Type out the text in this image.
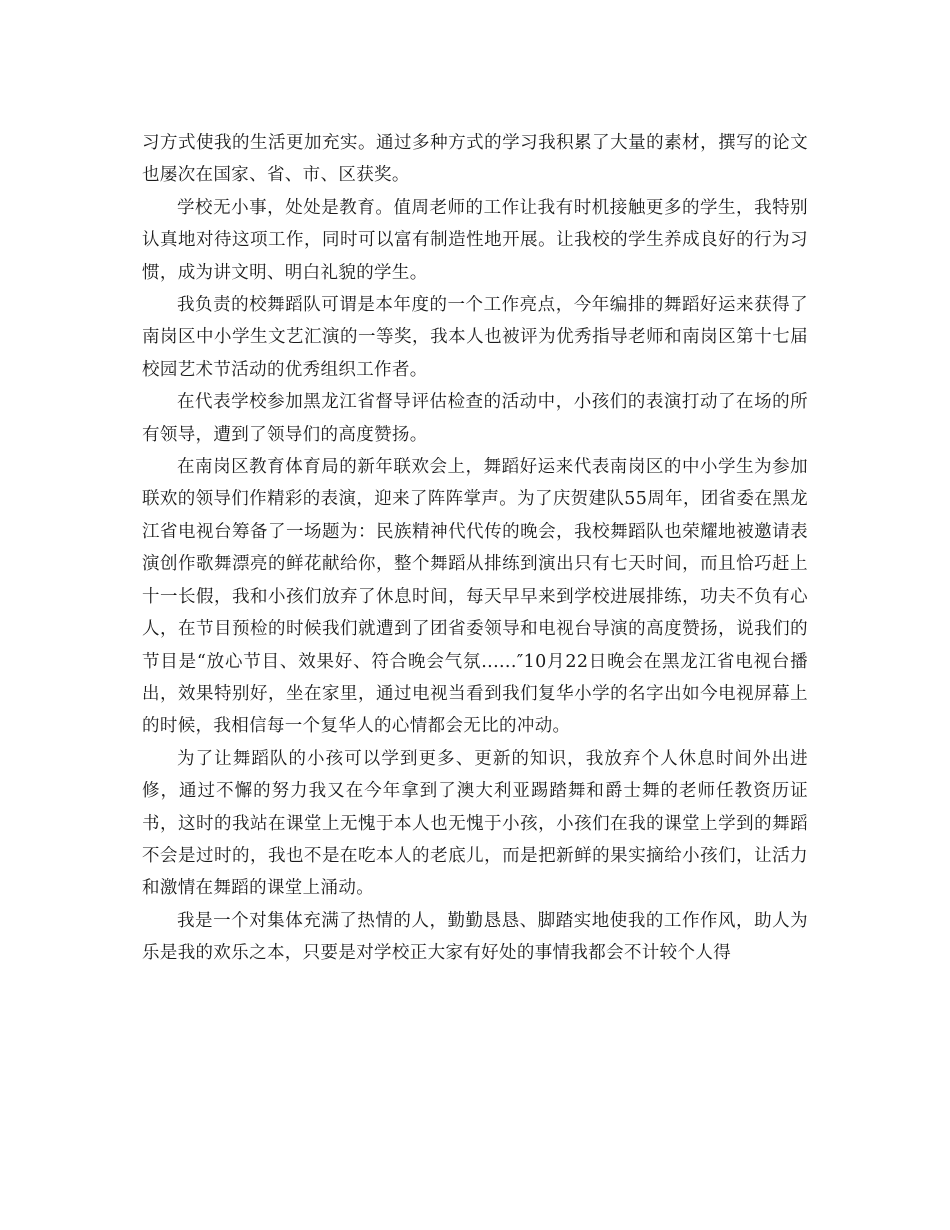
习方式使我的生活更加充实。通过多种方式的学习我积累了大量的素材，撰写的论文也屡次在国家、省、市、区获奖。

学校无小事，处处是教育。值周老师的工作让我有时机接触更多的学生，我特别认真地对待这项工作，同时可以富有制造性地开展。让我校的学生养成良好的行为习惯，成为讲文明、明白礼貌的学生。

我负责的校舞蹈队可谓是本年度的一个工作亮点，今年编排的舞蹈好运来获得了南岗区中小学生文艺汇演的一等奖，我本人也被评为优秀指导老师和南岗区第十七届校园艺术节活动的优秀组织工作者。

在代表学校参加黑龙江省督导评估检查的活动中，小孩们的表演打动了在场的所有领导，遭到了领导们的高度赞扬。

在南岗区教育体育局的新年联欢会上，舞蹈好运来代表南岗区的中小学生为参加联欢的领导们作精彩的表演，迎来了阵阵掌声。为了庆贺建队55周年，团省委在黑龙江省电视台筹备了一场题为：民族精神代代传的晚会，我校舞蹈队也荣耀地被邀请表演创作歌舞漂亮的鲜花献给你，整个舞蹈从排练到演出只有七天时间，而且恰巧赶上十一长假，我和小孩们放弃了休息时间，每天早早来到学校进展排练，功夫不负有心人，在节目预检的时候我们就遭到了团省委领导和电视台导演的高度赞扬，说我们的节目是“放心节目、效果好、符合晚会气氛......″10月22日晚会在黑龙江省电视台播出，效果特别好，坐在家里，通过电视当看到我们复华小学的名字出如今电视屏幕上的时候，我相信每一个复华人的心情都会无比的冲动。

为了让舞蹈队的小孩可以学到更多、更新的知识，我放弃个人休息时间外出进修，通过不懈的努力我又在今年拿到了澳大利亚踢踏舞和爵士舞的老师任教资历证书，这时的我站在课堂上无愧于本人也无愧于小孩，小孩们在我的课堂上学到的舞蹈不会是过时的，我也不是在吃本人的老底儿，而是把新鲜的果实摘给小孩们，让活力和激情在舞蹈的课堂上涌动。

我是一个对集体充满了热情的人，勤勤恳恳、脚踏实地使我的工作作风，助人为乐是我的欢乐之本，只要是对学校正大家有好处的事情我都会不计较个人得
